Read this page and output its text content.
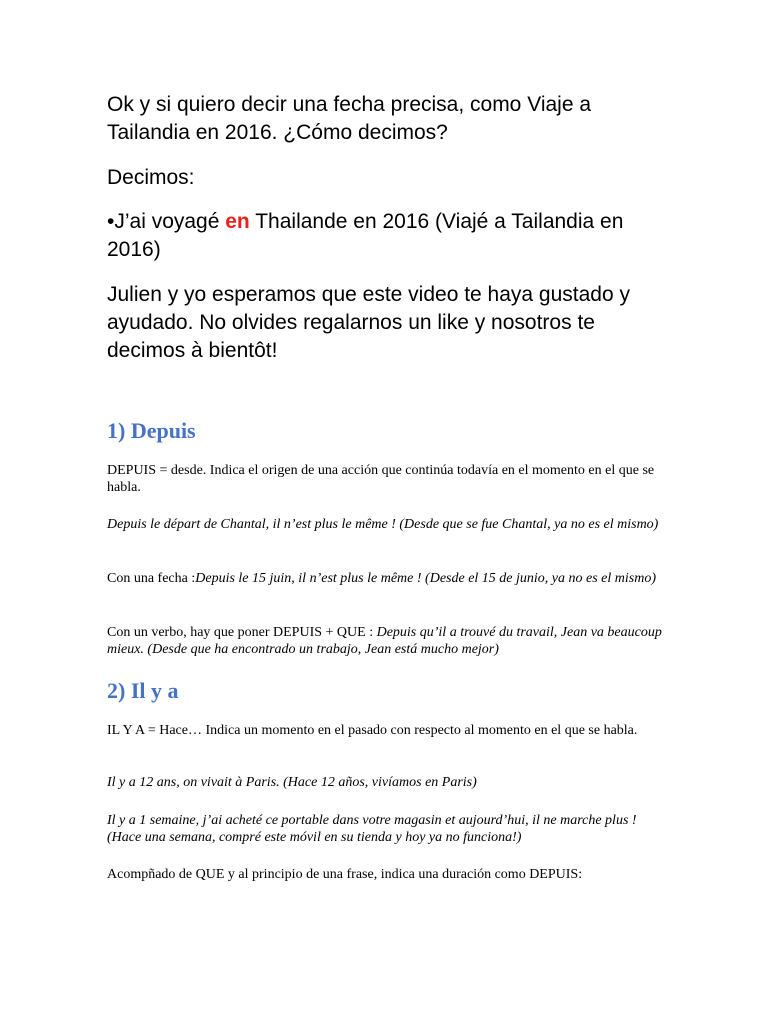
Ok y si quiero decir una fecha precisa, como Viaje a Tailandia en 2016. ¿Cómo decimos?

Decimos:

•J’ai voyagé en Thailande en 2016 (Viajé a Tailandia en 2016)

Julien y yo esperamos que este video te haya gustado y ayudado. No olvides regalarnos un like y nosotros te decimos à bientôt!

1) Depuis

DEPUIS = desde. Indica el origen de una acción que continúa todavía en el momento en el que se habla.

Depuis le départ de Chantal, il n’est plus le même ! (Desde que se fue Chantal, ya no es el mismo)

Con una fecha :Depuis le 15 juin, il n’est plus le même ! (Desde el 15 de junio, ya no es el mismo)

Con un verbo, hay que poner DEPUIS + QUE : Depuis qu’il a trouvé du travail, Jean va beaucoup mieux. (Desde que ha encontrado un trabajo, Jean está mucho mejor)

2) Il y a

IL Y A = Hace… Indica un momento en el pasado con respecto al momento en el que se habla.

Il y a 12 ans, on vivait à Paris. (Hace 12 años, vivíamos en Paris)

Il y a 1 semaine, j’ai acheté ce portable dans votre magasin et aujourd’hui, il ne marche plus ! (Hace una semana, compré este móvil en su tienda y hoy ya no funciona!)

Acompñado de QUE y al principio de una frase, indica una duración como DEPUIS:
